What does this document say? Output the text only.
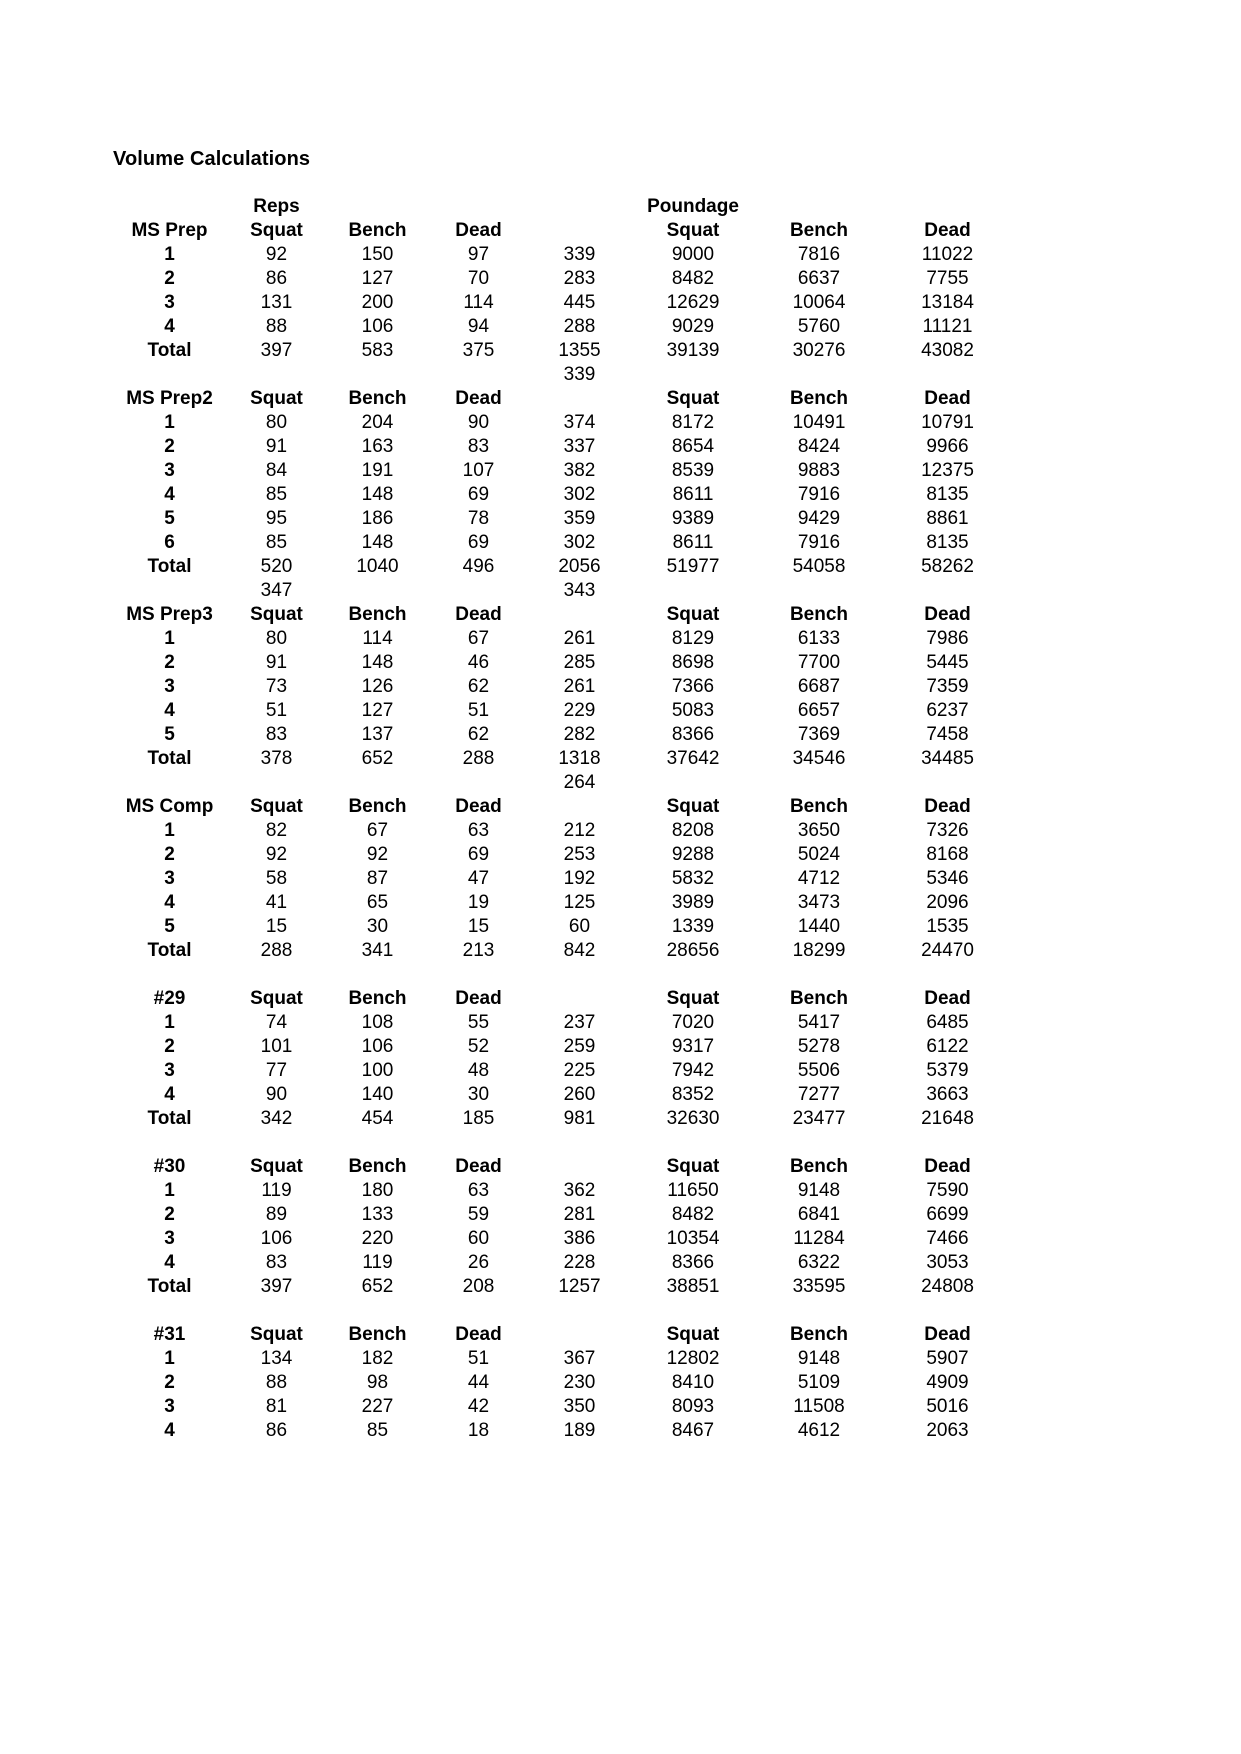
Volume Calculations
	Reps				Poundage		
MS Prep	Squat	Bench	Dead		Squat	Bench	Dead
1	92	150	97	339	9000	7816	11022
2	86	127	70	283	8482	6637	7755
3	131	200	114	445	12629	10064	13184
4	88	106	94	288	9029	5760	11121
Total	397	583	375	1355	39139	30276	43082
				339			
MS Prep2	Squat	Bench	Dead		Squat	Bench	Dead
1	80	204	90	374	8172	10491	10791
2	91	163	83	337	8654	8424	9966
3	84	191	107	382	8539	9883	12375
4	85	148	69	302	8611	7916	8135
5	95	186	78	359	9389	9429	8861
6	85	148	69	302	8611	7916	8135
Total	520	1040	496	2056	51977	54058	58262
	347			343			
MS Prep3	Squat	Bench	Dead		Squat	Bench	Dead
1	80	114	67	261	8129	6133	7986
2	91	148	46	285	8698	7700	5445
3	73	126	62	261	7366	6687	7359
4	51	127	51	229	5083	6657	6237
5	83	137	62	282	8366	7369	7458
Total	378	652	288	1318	37642	34546	34485
				264			
MS Comp	Squat	Bench	Dead		Squat	Bench	Dead
1	82	67	63	212	8208	3650	7326
2	92	92	69	253	9288	5024	8168
3	58	87	47	192	5832	4712	5346
4	41	65	19	125	3989	3473	2096
5	15	30	15	60	1339	1440	1535
Total	288	341	213	842	28656	18299	24470

#29	Squat	Bench	Dead		Squat	Bench	Dead
1	74	108	55	237	7020	5417	6485
2	101	106	52	259	9317	5278	6122
3	77	100	48	225	7942	5506	5379
4	90	140	30	260	8352	7277	3663
Total	342	454	185	981	32630	23477	21648

#30	Squat	Bench	Dead		Squat	Bench	Dead
1	119	180	63	362	11650	9148	7590
2	89	133	59	281	8482	6841	6699
3	106	220	60	386	10354	11284	7466
4	83	119	26	228	8366	6322	3053
Total	397	652	208	1257	38851	33595	24808

#31	Squat	Bench	Dead		Squat	Bench	Dead
1	134	182	51	367	12802	9148	5907
2	88	98	44	230	8410	5109	4909
3	81	227	42	350	8093	11508	5016
4	86	85	18	189	8467	4612	2063
